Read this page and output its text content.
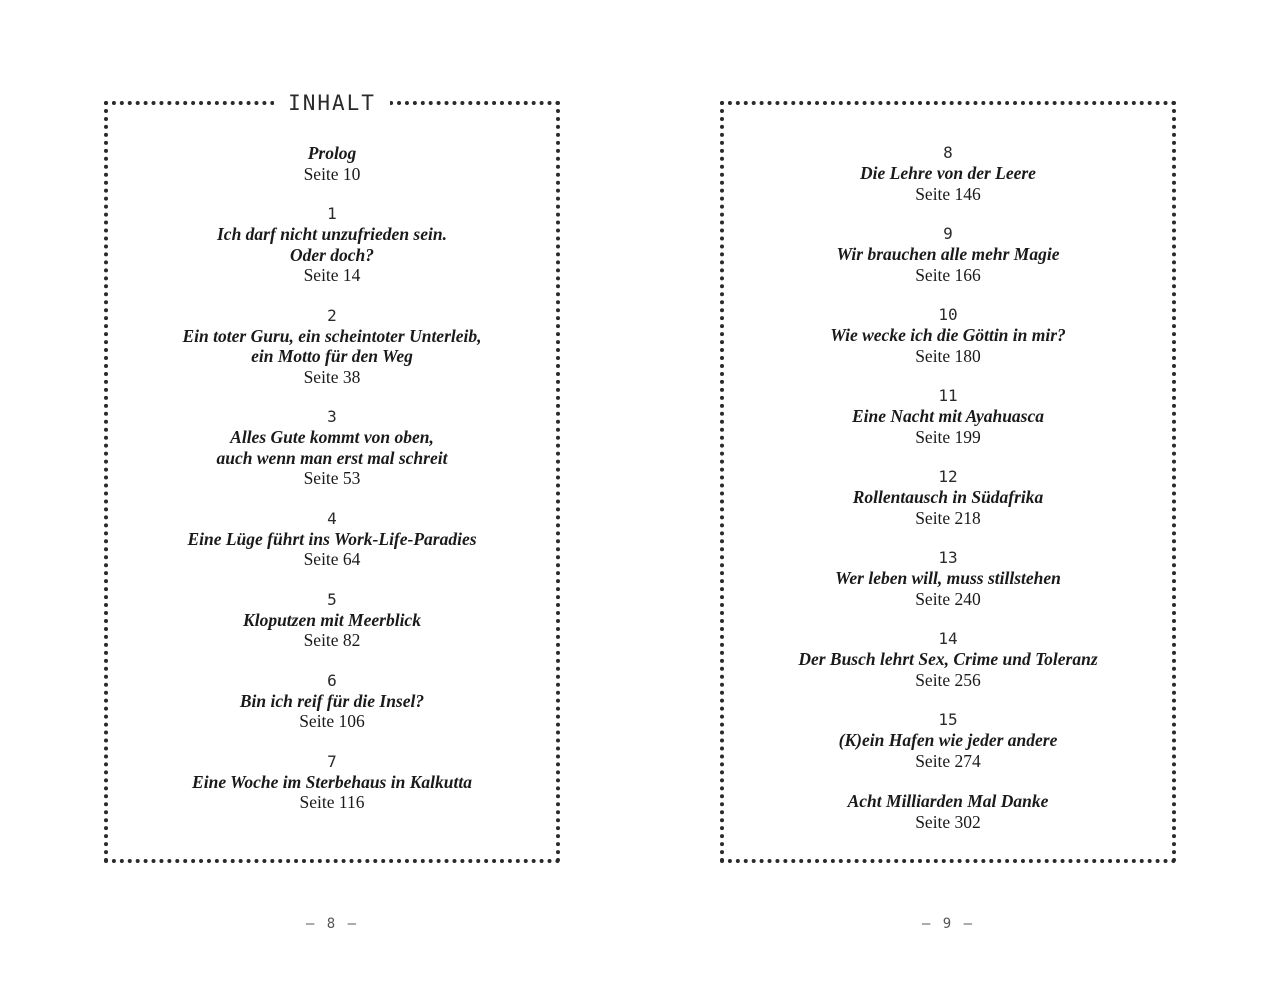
INHALT
Prolog
Seite 10
1
Ich darf nicht unzufrieden sein.
Oder doch?
Seite 14
2
Ein toter Guru, ein scheintoter Unterleib,
ein Motto für den Weg
Seite 38
3
Alles Gute kommt von oben,
auch wenn man erst mal schreit
Seite 53
4
Eine Lüge führt ins Work-Life-Paradies
Seite 64
5
Kloputzen mit Meerblick
Seite 82
6
Bin ich reif für die Insel?
Seite 106
7
Eine Woche im Sterbehaus in Kalkutta
Seite 116
8
Die Lehre von der Leere
Seite 146
9
Wir brauchen alle mehr Magie
Seite 166
10
Wie wecke ich die Göttin in mir?
Seite 180
11
Eine Nacht mit Ayahuasca
Seite 199
12
Rollentausch in Südafrika
Seite 218
13
Wer leben will, muss stillstehen
Seite 240
14
Der Busch lehrt Sex, Crime und Toleranz
Seite 256
15
(K)ein Hafen wie jeder andere
Seite 274
Acht Milliarden Mal Danke
Seite 302
– 8 –	– 9 –
